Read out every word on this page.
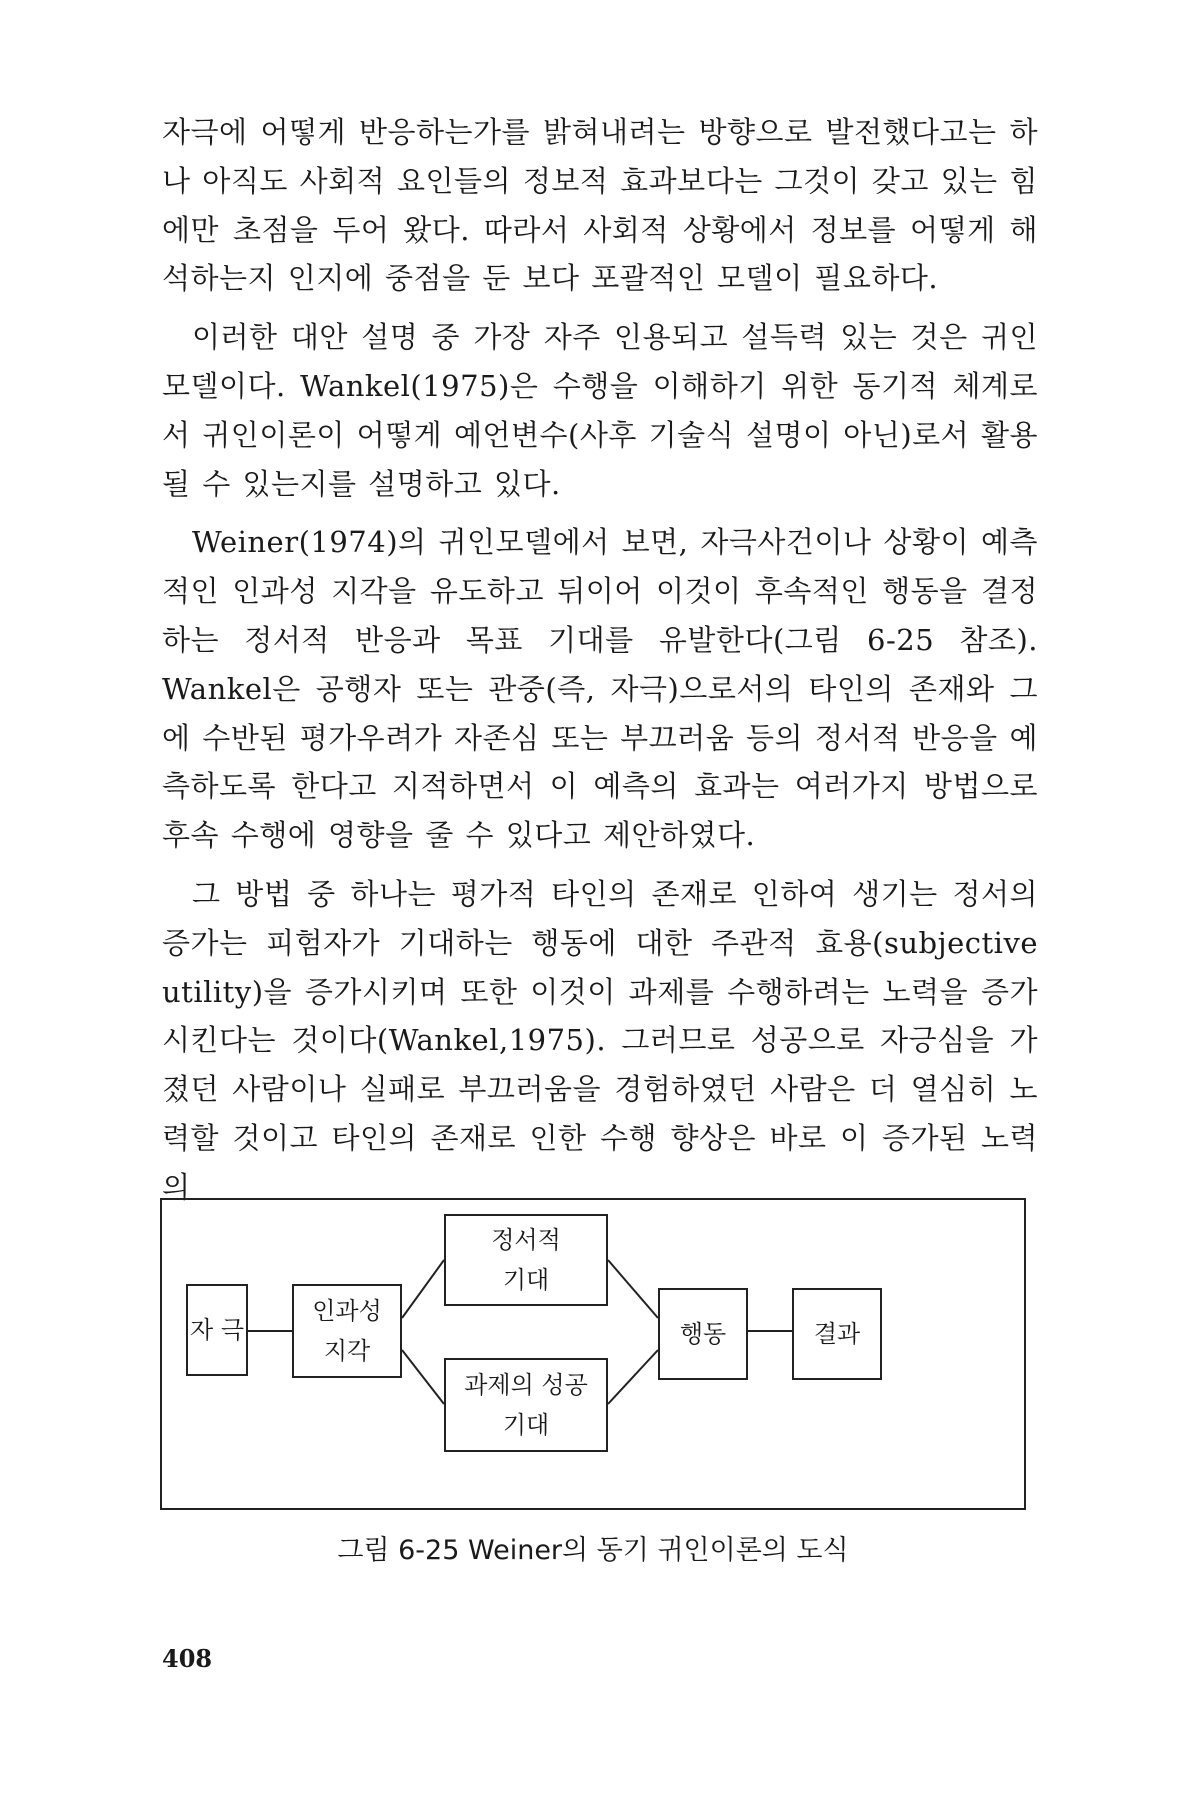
자극에 어떻게 반응하는가를 밝혀내려는 방향으로 발전했다고는 하나 아직도 사회적 요인들의 정보적 효과보다는 그것이 갖고 있는 힘에만 초점을 두어 왔다. 따라서 사회적 상황에서 정보를 어떻게 해석하는지 인지에 중점을 둔 보다 포괄적인 모델이 필요하다.

이러한 대안 설명 중 가장 자주 인용되고 설득력 있는 것은 귀인모델이다. Wankel(1975)은 수행을 이해하기 위한 동기적 체계로서 귀인이론이 어떻게 예언변수(사후 기술식 설명이 아닌)로서 활용될 수 있는지를 설명하고 있다.

Weiner(1974)의 귀인모델에서 보면, 자극사건이나 상황이 예측적인 인과성 지각을 유도하고 뒤이어 이것이 후속적인 행동을 결정하는 정서적 반응과 목표 기대를 유발한다(그림 6-25 참조). Wankel은 공행자 또는 관중(즉, 자극)으로서의 타인의 존재와 그에 수반된 평가우려가 자존심 또는 부끄러움 등의 정서적 반응을 예측하도록 한다고 지적하면서 이 예측의 효과는 여러가지 방법으로 후속 수행에 영향을 줄 수 있다고 제안하였다.

그 방법 중 하나는 평가적 타인의 존재로 인하여 생기는 정서의 증가는 피험자가 기대하는 행동에 대한 주관적 효용(subjective utility)을 증가시키며 또한 이것이 과제를 수행하려는 노력을 증가시킨다는 것이다(Wankel,1975). 그러므로 성공으로 자긍심을 가졌던 사람이나 실패로 부끄러움을 경험하였던 사람은 더 열심히 노력할 것이고 타인의 존재로 인한 수행 향상은 바로 이 증가된 노력의

자 극
인과성
지각
정서적
기대
과제의 성공
기대
행동	결과
그림 6-25 Weiner의 동기 귀인이론의 도식
408
